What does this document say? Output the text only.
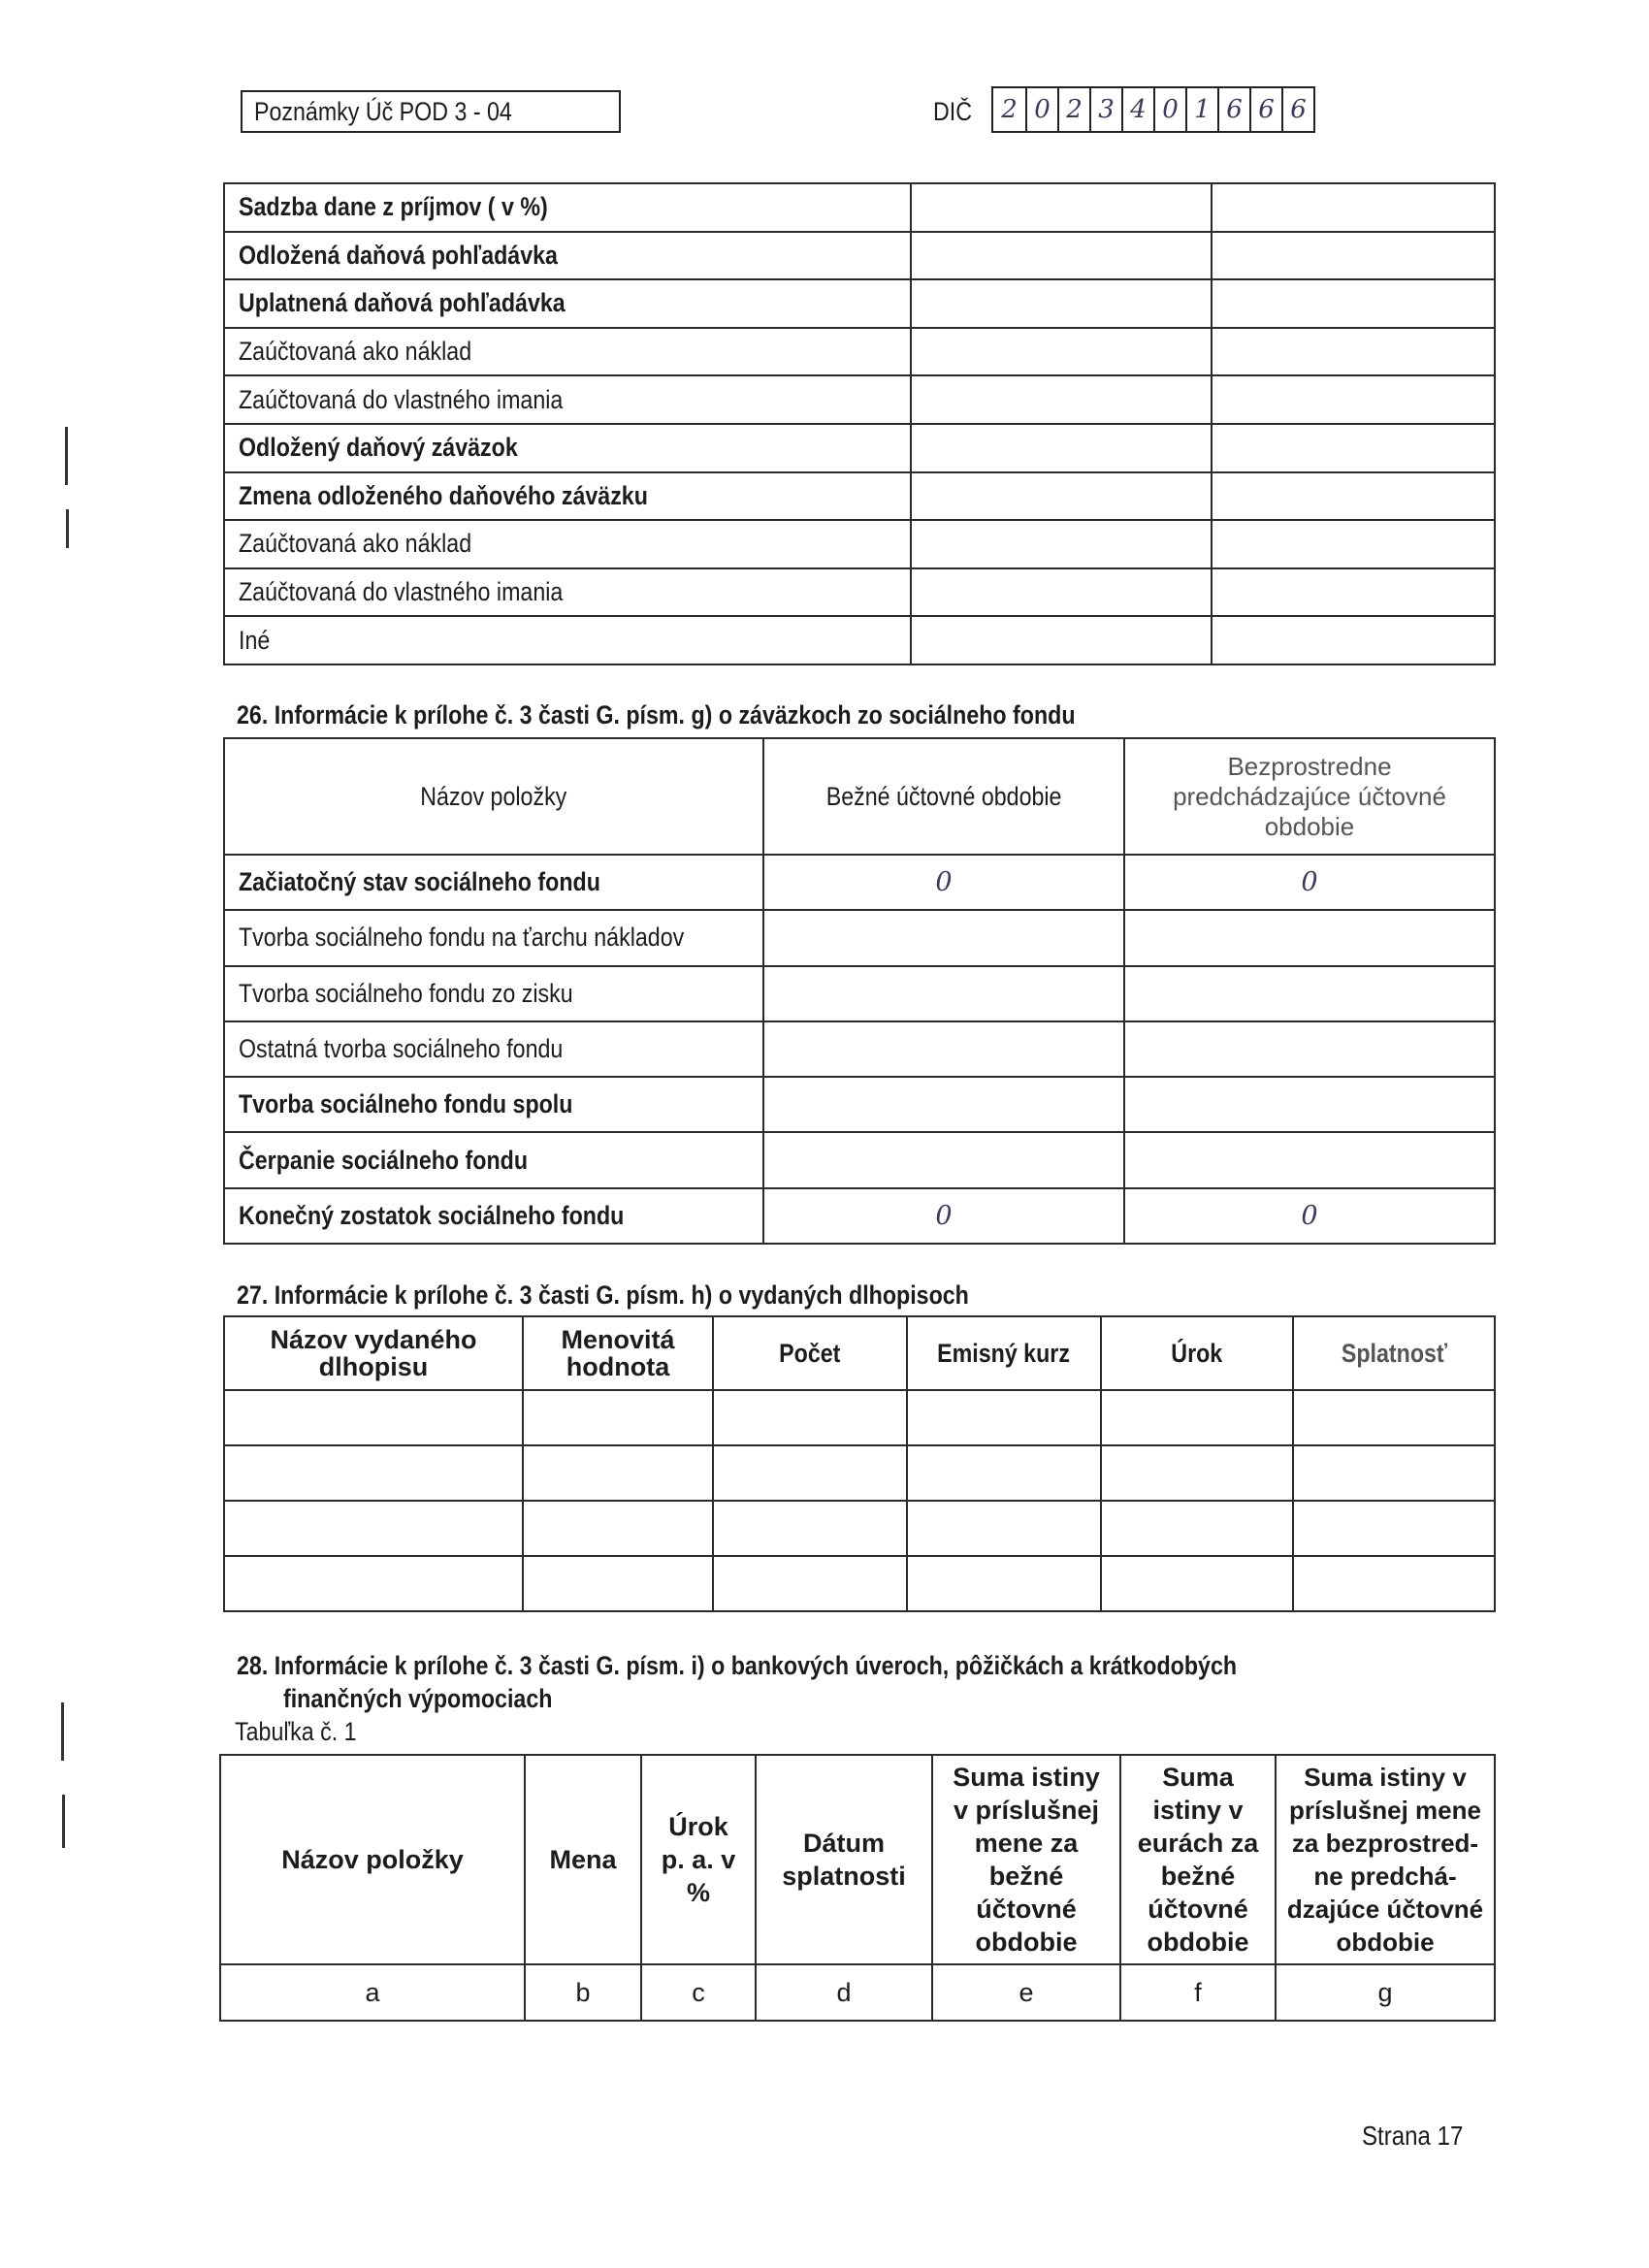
Poznámky Úč POD 3 - 04	DIČ	2 0 2 3 4 0 1 6 6 6
Sadzba dane z príjmov ( v %)		
Odložená daňová pohľadávka		
Uplatnená daňová pohľadávka		
Zaúčtovaná ako náklad		
Zaúčtovaná do vlastného imania		
Odložený daňový záväzok		
Zmena odloženého daňového záväzku		
Zaúčtovaná ako náklad		
Zaúčtovaná do vlastného imania		
Iné		
26. Informácie k prílohe č. 3 časti G. písm. g) o záväzkoch zo sociálneho fondu
Názov položky	Bežné účtovné obdobie	Bezprostredne predchádzajúce účtovné obdobie
Začiatočný stav sociálneho fondu	0	0
Tvorba sociálneho fondu na ťarchu nákladov		
Tvorba sociálneho fondu zo zisku		
Ostatná tvorba sociálneho fondu		
Tvorba sociálneho fondu spolu		
Čerpanie sociálneho fondu		
Konečný zostatok sociálneho fondu	0	0
27. Informácie k prílohe č. 3 časti G. písm. h) o vydaných dlhopisoch
Názov vydaného dlhopisu	Menovitá hodnota	Počet	Emisný kurz	Úrok	Splatnosť

28. Informácie k prílohe č. 3 časti G. písm. i) o bankových úveroch, pôžičkách a krátkodobých
finančných výpomociach
Tabuľka č. 1
Názov položky	Mena	Úrok p. a. v %	Dátum splatnosti	Suma istiny v príslušnej mene za bežné účtovné obdobie	Suma istiny v eurách za bežné účtovné obdobie	Suma istiny v príslušnej mene za bezprostred-ne predchá-dzajúce účtovné obdobie
a	b	c	d	e	f	g
Strana 17
